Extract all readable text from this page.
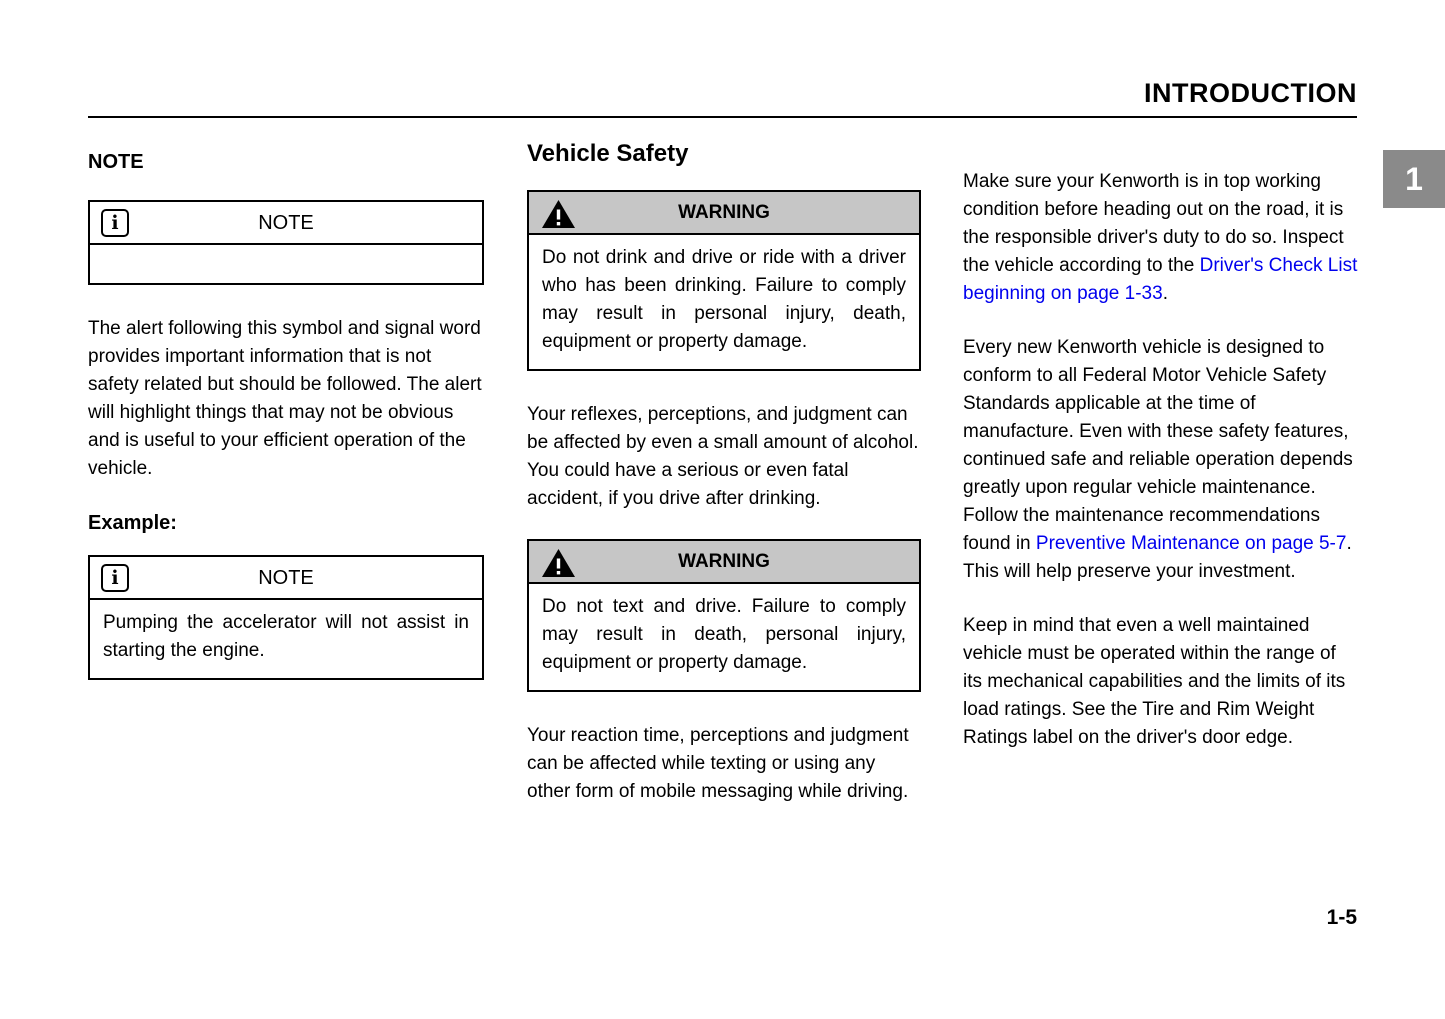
INTRODUCTION
1
NOTE
i	NOTE

The alert following this symbol and signal word provides important information that is not safety related but should be followed. The alert will highlight things that may not be obvious and is useful to your efficient operation of the vehicle.

Example:
i	NOTE
Pumping the accelerator will not assist in starting the engine.
Vehicle Safety
WARNING
Do not drink and drive or ride with a driver who has been drinking. Failure to comply may result in personal injury, death, equipment or property damage.

Your reflexes, perceptions, and judgment can be affected by even a small amount of alcohol. You could have a serious or even fatal accident, if you drive after drinking.

WARNING
Do not text and drive. Failure to comply may result in death, personal injury, equipment or property damage.

Your reaction time, perceptions and judgment can be affected while texting or using any other form of mobile messaging while driving.

Make sure your Kenworth is in top working condition before heading out on the road, it is the responsible driver's duty to do so. Inspect the vehicle according to the Driver's Check List beginning on page 1-33.

Every new Kenworth vehicle is designed to conform to all Federal Motor Vehicle Safety Standards applicable at the time of manufacture. Even with these safety features, continued safe and reliable operation depends greatly upon regular vehicle maintenance. Follow the maintenance recommendations found in Preventive Maintenance on page 5-7. This will help preserve your investment.

Keep in mind that even a well maintained vehicle must be operated within the range of its mechanical capabilities and the limits of its load ratings. See the Tire and Rim Weight Ratings label on the driver's door edge.

1-5
